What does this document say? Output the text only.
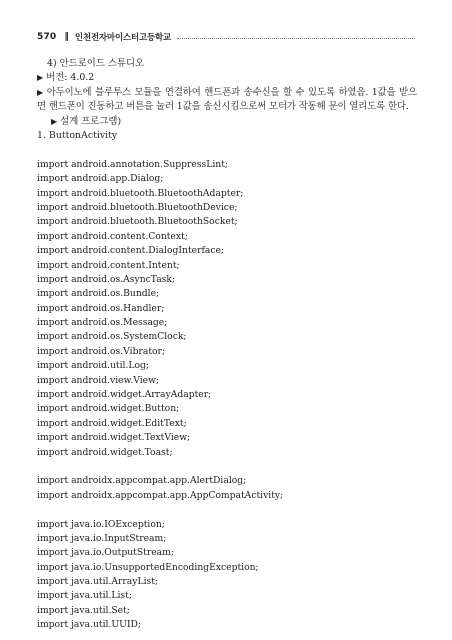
570 ‖ 인천전자마이스터고등학교
4) 안드로이드 스튜디오
▶ 버전: 4.0.2
▶ 아두이노에 블루투스 모듈을 연결하여 핸드폰과 송수신을 할 수 있도록 하였음. 1값을 받으면 핸드폰이 진동하고 버튼을 눌러 1값을 송신시킴으로써 모터가 작동해 문이 열리도록 한다.
▶ 설계 프로그램)
1. ButtonActivity
import android.annotation.SuppressLint;
import android.app.Dialog;
import android.bluetooth.BluetoothAdapter;
import android.bluetooth.BluetoothDevice;
import android.bluetooth.BluetoothSocket;
import android.content.Context;
import android.content.DialogInterface;
import android.content.Intent;
import android.os.AsyncTask;
import android.os.Bundle;
import android.os.Handler;
import android.os.Message;
import android.os.SystemClock;
import android.os.Vibrator;
import android.util.Log;
import android.view.View;
import android.widget.ArrayAdapter;
import android.widget.Button;
import android.widget.EditText;
import android.widget.TextView;
import android.widget.Toast;
import androidx.appcompat.app.AlertDialog;
import androidx.appcompat.app.AppCompatActivity;
import java.io.IOException;
import java.io.InputStream;
import java.io.OutputStream;
import java.io.UnsupportedEncodingException;
import java.util.ArrayList;
import java.util.List;
import java.util.Set;
import java.util.UUID;
